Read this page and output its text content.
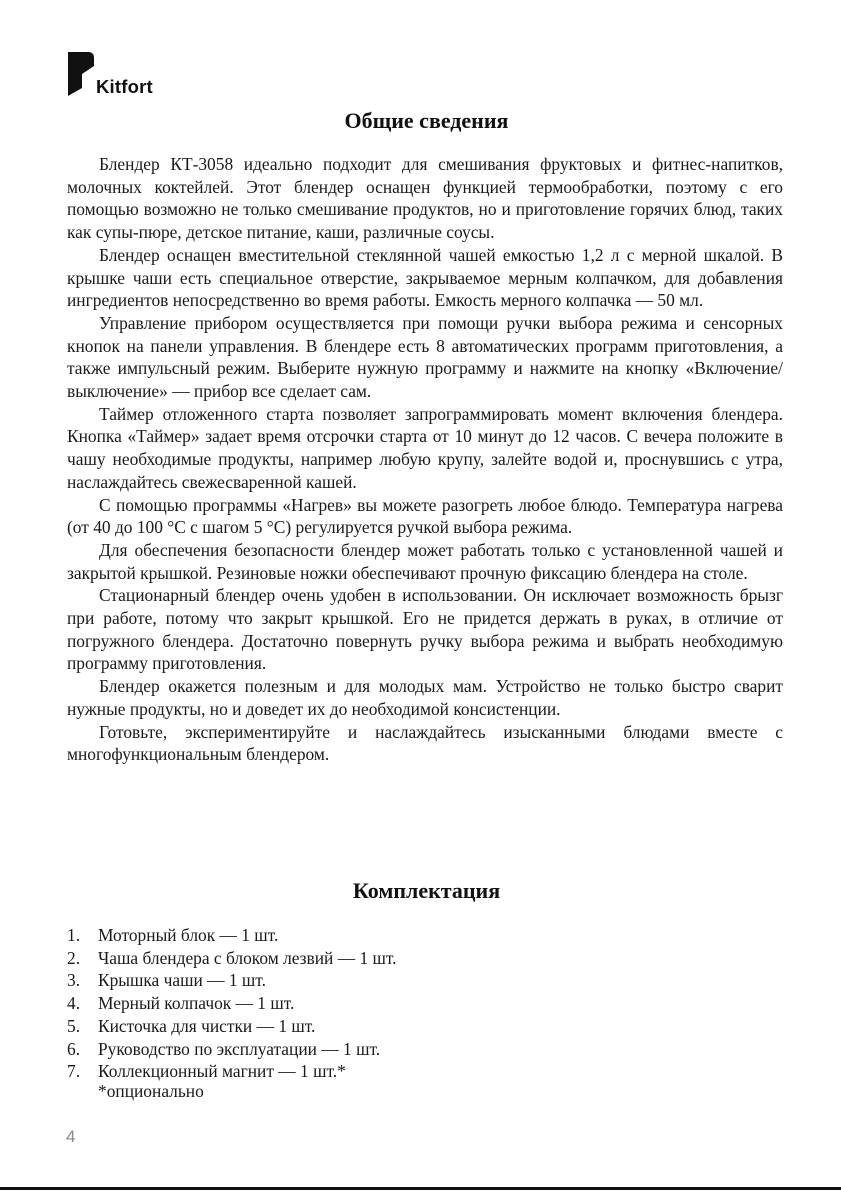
Kitfort
Общие сведения

Блендер КТ-3058 идеально подходит для смешивания фруктовых и фитнес-напитков, молочных коктейлей. Этот блендер оснащен функцией термообработки, поэтому с его помощью возможно не только смешивание продуктов, но и приготовление горячих блюд, таких как супы-пюре, детское питание, каши, различные соусы.

Блендер оснащен вместительной стеклянной чашей емкостью 1,2 л с мерной шкалой. В крышке чаши есть специальное отверстие, закрываемое мерным колпачком, для добавления ингредиентов непосредственно во время работы. Емкость мерного колпачка — 50 мл.

Управление прибором осуществляется при помощи ручки выбора режима и сенсорных кнопок на панели управления. В блендере есть 8 автоматических программ приготовления, а также импульсный режим. Выберите нужную программу и нажмите на кнопку «Включение/выключение» — прибор все сделает сам.

Таймер отложенного старта позволяет запрограммировать момент включения блендера. Кнопка «Таймер» задает время отсрочки старта от 10 минут до 12 часов. С вечера положите в чашу необходимые продукты, например любую крупу, залейте водой и, проснувшись с утра, наслаждайтесь свежесваренной кашей.

С помощью программы «Нагрев» вы можете разогреть любое блюдо. Температура нагрева (от 40 до 100 °С с шагом 5 °С) регулируется ручкой выбора режима.

Для обеспечения безопасности блендер может работать только с установленной чашей и закрытой крышкой. Резиновые ножки обеспечивают прочную фиксацию блендера на столе.

Стационарный блендер очень удобен в использовании. Он исключает возможность брызг при работе, потому что закрыт крышкой. Его не придется держать в руках, в отличие от погружного блендера. Достаточно повернуть ручку выбора режима и выбрать необходимую программу приготовления.

Блендер окажется полезным и для молодых мам. Устройство не только быстро сварит нужные продукты, но и доведет их до необходимой консистенции.

Готовьте, экспериментируйте и наслаждайтесь изысканными блюдами вместе с многофункциональным блендером.

Комплектация
1. Моторный блок — 1 шт.
2. Чаша блендера с блоком лезвий — 1 шт.
3. Крышка чаши — 1 шт.
4. Мерный колпачок — 1 шт.
5. Кисточка для чистки — 1 шт.
6. Руководство по эксплуатации — 1 шт.
7. Коллекционный магнит — 1 шт.*

*опционально

4
